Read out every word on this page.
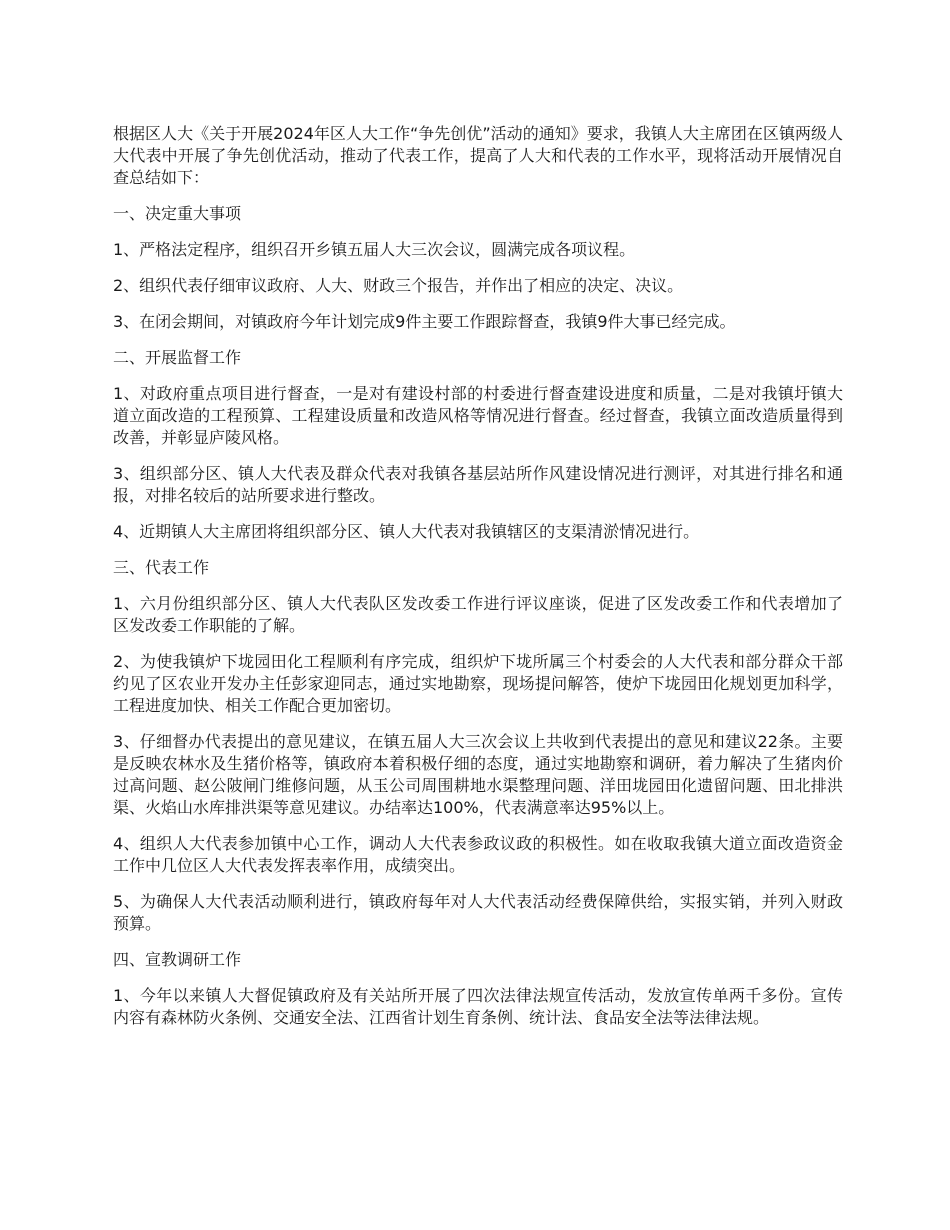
根据区人大《关于开展2024年区人大工作“争先创优”活动的通知》要求，我镇人大主席团在区镇两级人大代表中开展了争先创优活动，推动了代表工作，提高了人大和代表的工作水平，现将活动开展情况自查总结如下：

一、决定重大事项

1、严格法定程序，组织召开乡镇五届人大三次会议，圆满完成各项议程。

2、组织代表仔细审议政府、人大、财政三个报告，并作出了相应的决定、决议。

3、在闭会期间，对镇政府今年计划完成9件主要工作跟踪督查，我镇9件大事已经完成。

二、开展监督工作

1、对政府重点项目进行督查，一是对有建设村部的村委进行督查建设进度和质量，二是对我镇圩镇大道立面改造的工程预算、工程建设质量和改造风格等情况进行督查。经过督查，我镇立面改造质量得到改善，并彰显庐陵风格。

3、组织部分区、镇人大代表及群众代表对我镇各基层站所作风建设情况进行测评，对其进行排名和通报，对排名较后的站所要求进行整改。

4、近期镇人大主席团将组织部分区、镇人大代表对我镇辖区的支渠清淤情况进行。

三、代表工作

1、六月份组织部分区、镇人大代表队区发改委工作进行评议座谈，促进了区发改委工作和代表增加了区发改委工作职能的了解。

2、为使我镇炉下垅园田化工程顺利有序完成，组织炉下垅所属三个村委会的人大代表和部分群众干部约见了区农业开发办主任彭家迎同志，通过实地勘察，现场提问解答，使炉下垅园田化规划更加科学，工程进度加快、相关工作配合更加密切。

3、仔细督办代表提出的意见建议，在镇五届人大三次会议上共收到代表提出的意见和建议22条。主要是反映农林水及生猪价格等，镇政府本着积极仔细的态度，通过实地勘察和调研，着力解决了生猪肉价过高问题、赵公陂闸门维修问题，从玉公司周围耕地水渠整理问题、洋田垅园田化遗留问题、田北排洪渠、火焰山水库排洪渠等意见建议。办结率达100%，代表满意率达95%以上。

4、组织人大代表参加镇中心工作，调动人大代表参政议政的积极性。如在收取我镇大道立面改造资金工作中几位区人大代表发挥表率作用，成绩突出。

5、为确保人大代表活动顺利进行，镇政府每年对人大代表活动经费保障供给，实报实销，并列入财政预算。

四、宣教调研工作

1、今年以来镇人大督促镇政府及有关站所开展了四次法律法规宣传活动，发放宣传单两千多份。宣传内容有森林防火条例、交通安全法、江西省计划生育条例、统计法、食品安全法等法律法规。
